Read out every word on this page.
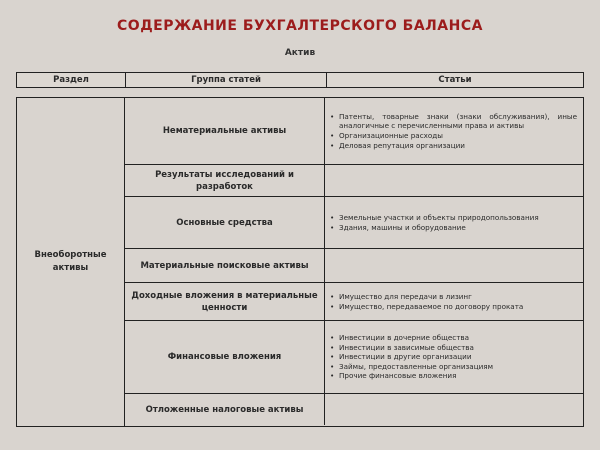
СОДЕРЖАНИЕ БУХГАЛТЕРСКОГО БАЛАНСА
Актив
Раздел	Группа статей	Статьи
Внеоборотные
активы
Нематериальные активы
• Патенты, товарные знаки (знаки обслуживания), иные аналогичные с перечисленными права и активы
• Организационные расходы
• Деловая репутация организации
Результаты исследований и разработок
Основные средства
• Земельные участки и объекты природопользования
• Здания, машины и оборудование
Материальные поисковые активы
Доходные вложения в материальные ценности
• Имущество для передачи в лизинг
• Имущество, передаваемое по договору проката
Финансовые вложения
• Инвестиции в дочерние общества
• Инвестиции в зависимые общества
• Инвестиции в другие организации
• Займы, предоставленные организациям
• Прочие финансовые вложения
Отложенные налоговые активы
